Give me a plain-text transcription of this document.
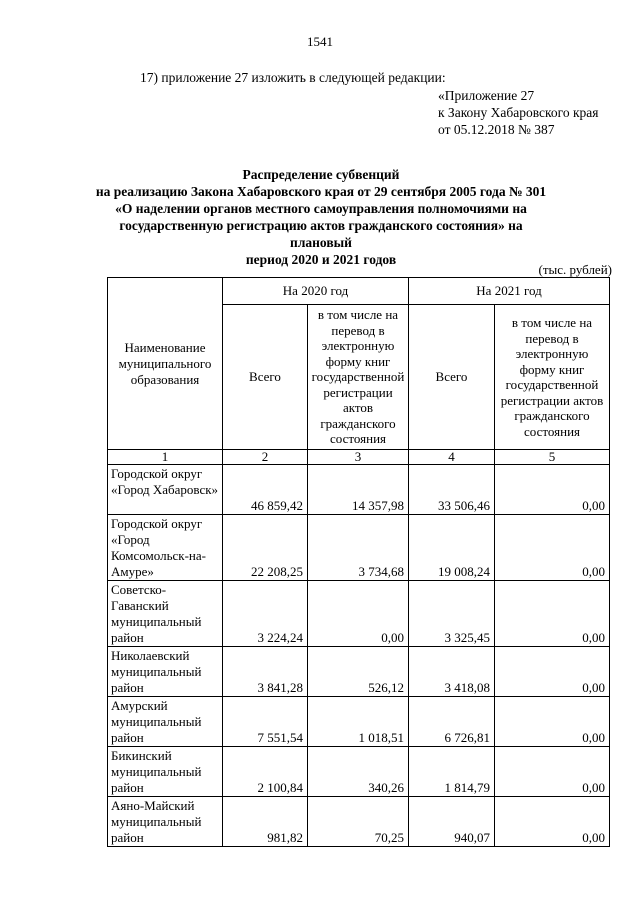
1541
17) приложение 27 изложить в следующей редакции:
«Приложение 27
к Закону Хабаровского края
от 05.12.2018 № 387
Распределение субвенций
на реализацию Закона Хабаровского края от 29 сентября 2005 года № 301
«О наделении органов местного самоуправления полномочиями на
государственную регистрацию актов гражданского состояния» на плановый
период 2020 и 2021 годов
(тыс. рублей)
Наименование муниципального образования	На 2020 год		На 2021 год	
	Всего	в том числе на перевод в электронную форму книг государственной регистрации актов гражданского состояния	Всего	в том числе на перевод в электронную форму книг государственной регистрации актов гражданского состояния
1	2	3	4	5
Городской округ «Город Хабаровск»	46 859,42	14 357,98	33 506,46	0,00
Городской округ «Город Комсомольск-на-Амуре»	22 208,25	3 734,68	19 008,24	0,00
Советско-Гаванский муниципальный район	3 224,24	0,00	3 325,45	0,00
Николаевский муниципальный район	3 841,28	526,12	3 418,08	0,00
Амурский муниципальный район	7 551,54	1 018,51	6 726,81	0,00
Бикинский муниципальный район	2 100,84	340,26	1 814,79	0,00
Аяно-Майский муниципальный район	981,82	70,25	940,07	0,00
